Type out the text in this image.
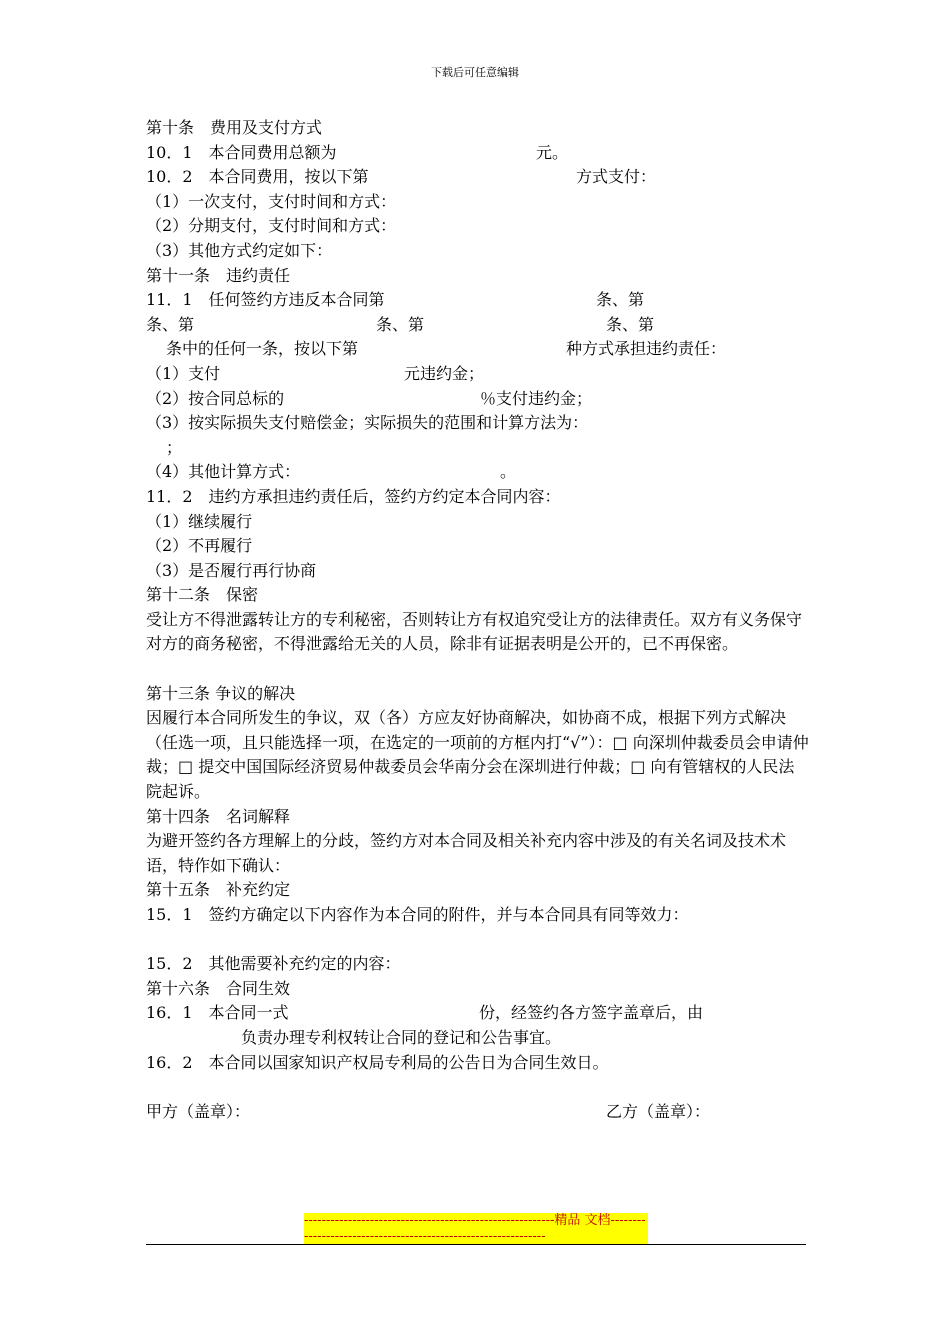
下载后可任意编辑
第十条　费用及支付方式
10．1　本合同费用总额为	元。
10．2　本合同费用，按以下第	方式支付：
（1）一次支付，支付时间和方式：
（2）分期支付，支付时间和方式：
（3）其他方式约定如下：
第十一条　违约责任
11．1　任何签约方违反本合同第	条、第
条、第	条、第	条、第
条中的任何一条，按以下第	种方式承担违约责任：
（1）支付	元违约金；
（2）按合同总标的	％支付违约金；
（3）按实际损失支付赔偿金；实际损失的范围和计算方法为：
；
（4）其他计算方式：	。
11．2　违约方承担违约责任后，签约方约定本合同内容：
（1）继续履行
（2）不再履行
（3）是否履行再行协商
第十二条　保密
受让方不得泄露转让方的专利秘密，否则转让方有权追究受让方的法律责任。双方有义务保守对方的商务秘密，不得泄露给无关的人员，除非有证据表明是公开的，已不再保密。
第十三条 争议的解决
因履行本合同所发生的争议，双（各）方应友好协商解决，如协商不成，根据下列方式解决（任选一项，且只能选择一项，在选定的一项前的方框内打“√”）：□ 向深圳仲裁委员会申请仲裁；□ 提交中国国际经济贸易仲裁委员会华南分会在深圳进行仲裁；□ 向有管辖权的人民法院起诉。
第十四条　名词解释
为避开签约各方理解上的分歧，签约方对本合同及相关补充内容中涉及的有关名词及技术术语，特作如下确认：
第十五条　补充约定
15．1　签约方确定以下内容作为本合同的附件，并与本合同具有同等效力：
15．2　其他需要补充约定的内容：
第十六条　合同生效
16．1　本合同一式	份，经签约各方签字盖章后，由
负责办理专利权转让合同的登记和公告事宜。
16．2　本合同以国家知识产权局专利局的公告日为合同生效日。
甲方（盖章）：	乙方（盖章）：
---------------------------------------------------------精品 文档---------------------------------------------------------------
